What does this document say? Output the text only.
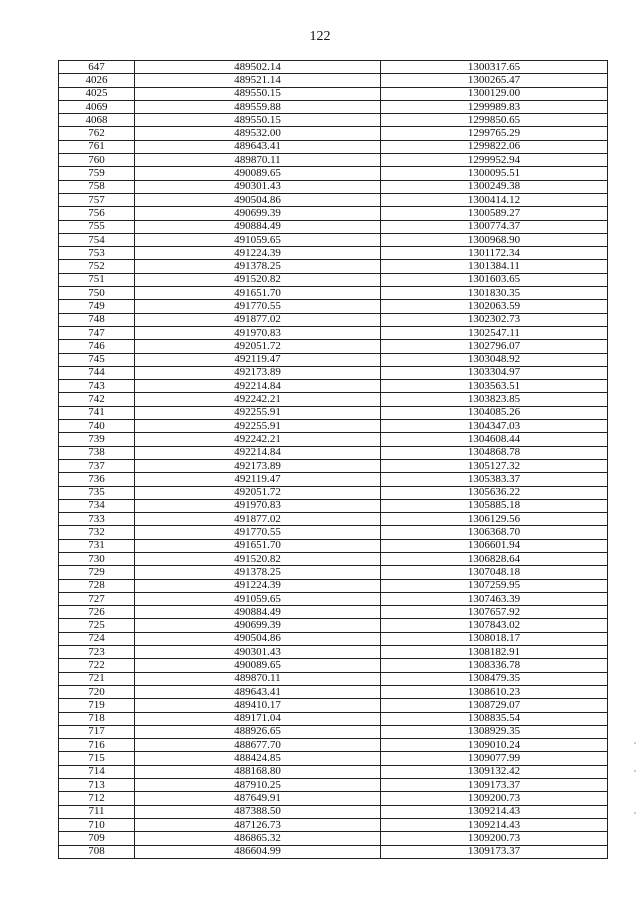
122
647	489502.14	1300317.65
4026	489521.14	1300265.47
4025	489550.15	1300129.00
4069	489559.88	1299989.83
4068	489550.15	1299850.65
762	489532.00	1299765.29
761	489643.41	1299822.06
760	489870.11	1299952.94
759	490089.65	1300095.51
758	490301.43	1300249.38
757	490504.86	1300414.12
756	490699.39	1300589.27
755	490884.49	1300774.37
754	491059.65	1300968.90
753	491224.39	1301172.34
752	491378.25	1301384.11
751	491520.82	1301603.65
750	491651.70	1301830.35
749	491770.55	1302063.59
748	491877.02	1302302.73
747	491970.83	1302547.11
746	492051.72	1302796.07
745	492119.47	1303048.92
744	492173.89	1303304.97
743	492214.84	1303563.51
742	492242.21	1303823.85
741	492255.91	1304085.26
740	492255.91	1304347.03
739	492242.21	1304608.44
738	492214.84	1304868.78
737	492173.89	1305127.32
736	492119.47	1305383.37
735	492051.72	1305636.22
734	491970.83	1305885.18
733	491877.02	1306129.56
732	491770.55	1306368.70
731	491651.70	1306601.94
730	491520.82	1306828.64
729	491378.25	1307048.18
728	491224.39	1307259.95
727	491059.65	1307463.39
726	490884.49	1307657.92
725	490699.39	1307843.02
724	490504.86	1308018.17
723	490301.43	1308182.91
722	490089.65	1308336.78
721	489870.11	1308479.35
720	489643.41	1308610.23
719	489410.17	1308729.07
718	489171.04	1308835.54
717	488926.65	1308929.35
716	488677.70	1309010.24
715	488424.85	1309077.99
714	488168.80	1309132.42
713	487910.25	1309173.37
712	487649.91	1309200.73
711	487388.50	1309214.43
710	487126.73	1309214.43
709	486865.32	1309200.73
708	486604.99	1309173.37
